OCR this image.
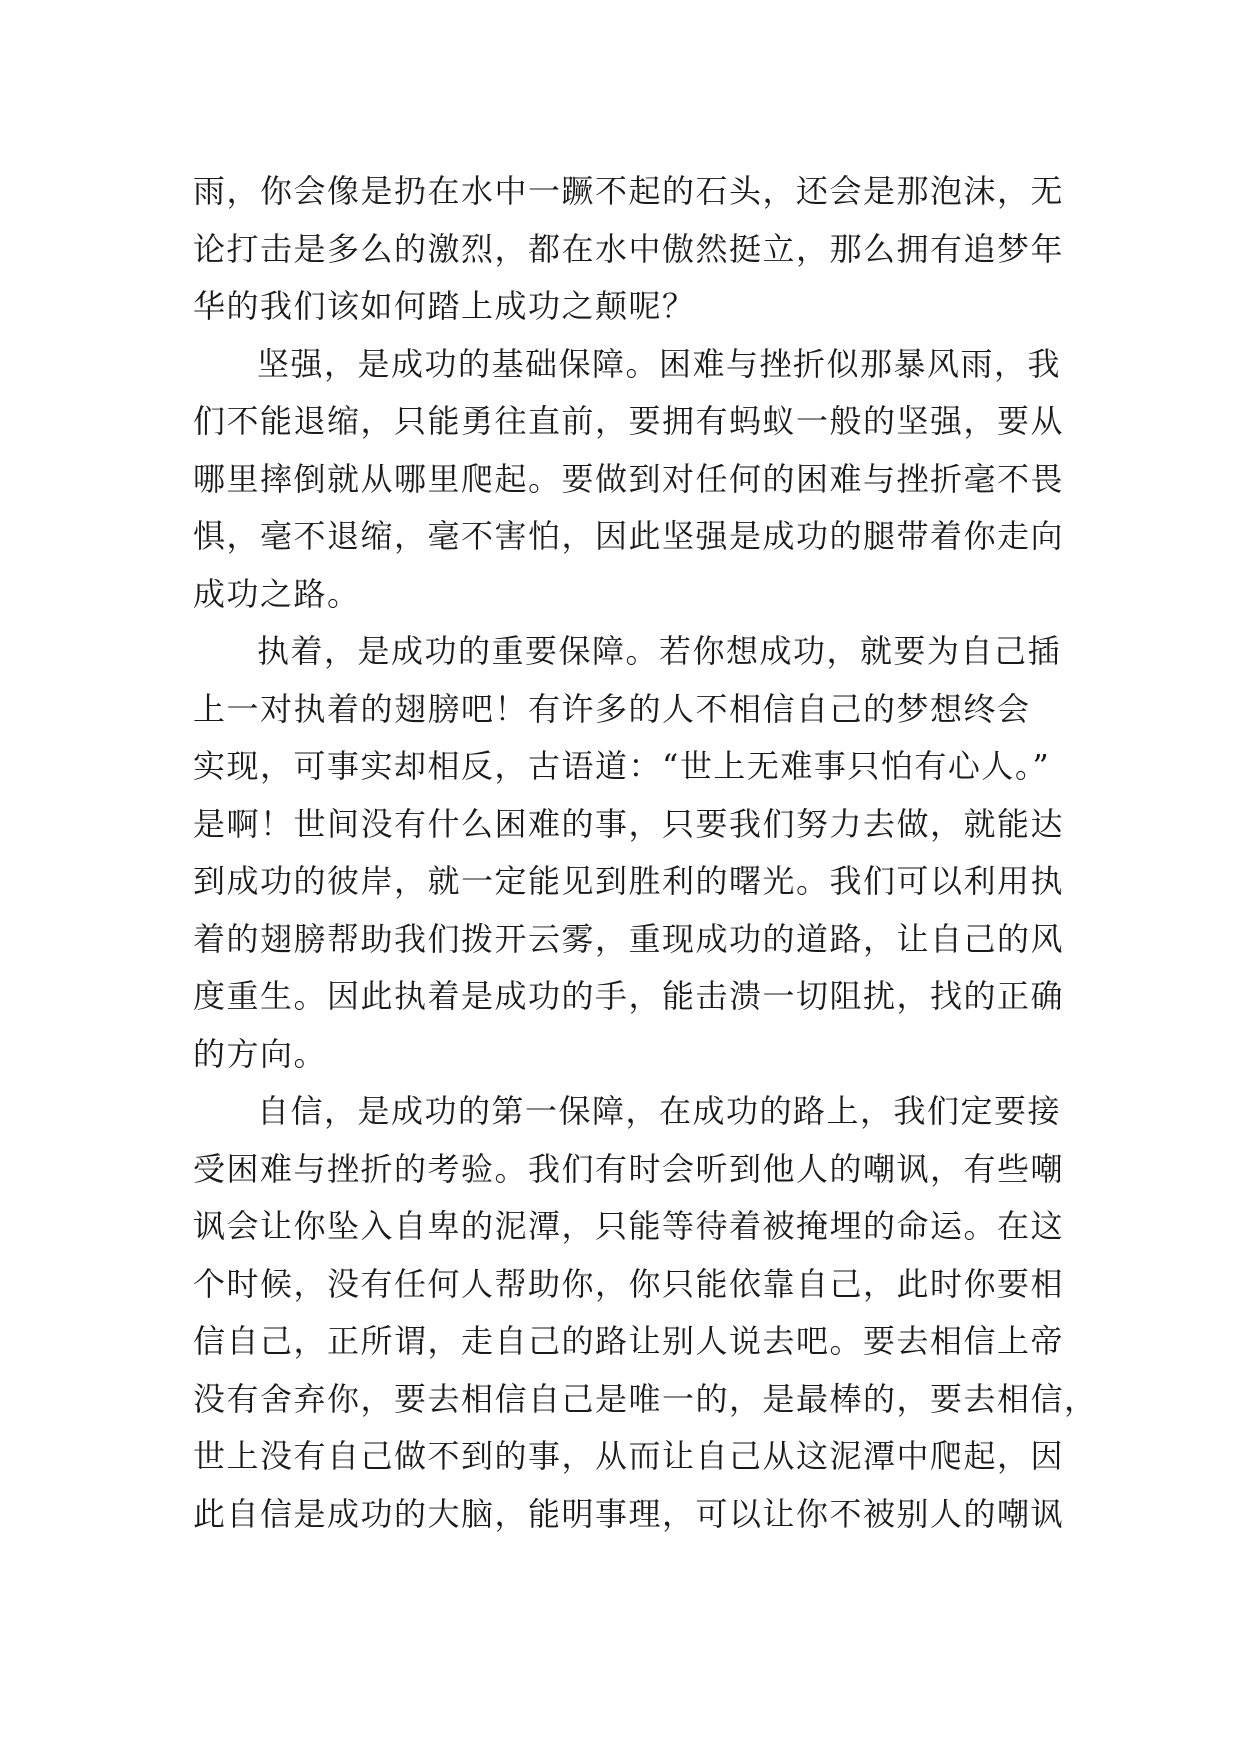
雨，你会像是扔在水中一蹶不起的石头，还会是那泡沫，无
论打击是多么的激烈，都在水中傲然挺立，那么拥有追梦年
华的我们该如何踏上成功之颠呢？
坚强，是成功的基础保障。困难与挫折似那暴风雨，我
们不能退缩，只能勇往直前，要拥有蚂蚁一般的坚强，要从
哪里摔倒就从哪里爬起。要做到对任何的困难与挫折毫不畏
惧，毫不退缩，毫不害怕，因此坚强是成功的腿带着你走向
成功之路。
执着，是成功的重要保障。若你想成功，就要为自己插
上一对执着的翅膀吧！有许多的人不相信自己的梦想终会
实现，可事实却相反，古语道：“世上无难事只怕有心人。”
是啊！世间没有什么困难的事，只要我们努力去做，就能达
到成功的彼岸，就一定能见到胜利的曙光。我们可以利用执
着的翅膀帮助我们拨开云雾，重现成功的道路，让自己的风
度重生。因此执着是成功的手，能击溃一切阻扰，找的正确
的方向。
自信，是成功的第一保障，在成功的路上，我们定要接
受困难与挫折的考验。我们有时会听到他人的嘲讽，有些嘲
讽会让你坠入自卑的泥潭，只能等待着被掩埋的命运。在这
个时候，没有任何人帮助你，你只能依靠自己，此时你要相
信自己，正所谓，走自己的路让别人说去吧。要去相信上帝
没有舍弃你，要去相信自己是唯一的，是最棒的，要去相信，
世上没有自己做不到的事，从而让自己从这泥潭中爬起，因
此自信是成功的大脑，能明事理，可以让你不被别人的嘲讽
